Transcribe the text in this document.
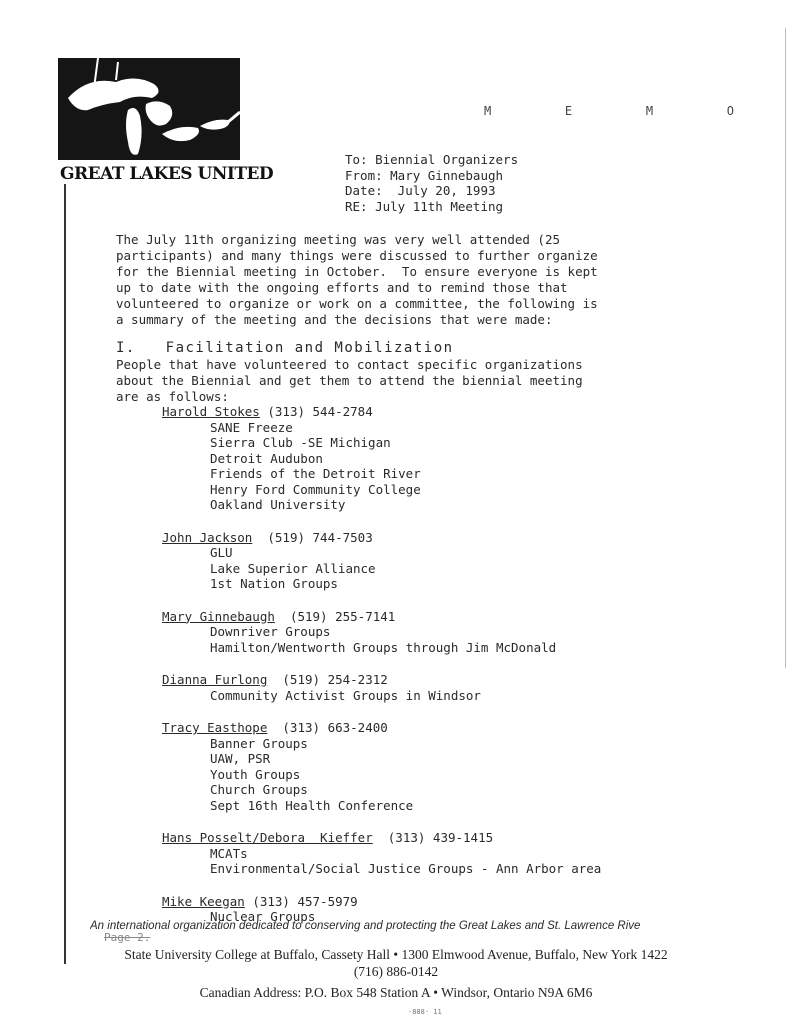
GREAT LAKES UNITED
M	E	M	O
To: Biennial Organizers
From: Mary Ginnebaugh
Date:  July 20, 1993
RE: July 11th Meeting
The July 11th organizing meeting was very well attended (25
participants) and many things were discussed to further organize
for the Biennial meeting in October.  To ensure everyone is kept
up to date with the ongoing efforts and to remind those that
volunteered to organize or work on a committee, the following is
a summary of the meeting and the decisions that were made:
I.   Facilitation and Mobilization
People that have volunteered to contact specific organizations
about the Biennial and get them to attend the biennial meeting
are as follows:
Harold Stokes (313) 544-2784
SANE Freeze
Sierra Club -SE Michigan
Detroit Audubon
Friends of the Detroit River
Henry Ford Community College
Oakland University
John Jackson  (519) 744-7503
GLU
Lake Superior Alliance
1st Nation Groups
Mary Ginnebaugh  (519) 255-7141
Downriver Groups
Hamilton/Wentworth Groups through Jim McDonald
Dianna Furlong  (519) 254-2312
Community Activist Groups in Windsor
Tracy Easthope  (313) 663-2400
Banner Groups
UAW, PSR
Youth Groups
Church Groups
Sept 16th Health Conference
Hans Posselt/Debora  Kieffer  (313) 439-1415
MCATs
Environmental/Social Justice Groups - Ann Arbor area
Mike Keegan (313) 457-5979
Nuclear Groups
An international organization dedicated to conserving and protecting the Great Lakes and St. Lawrence Rive
Page 2.
State University College at Buffalo, Cassety Hall • 1300 Elmwood Avenue, Buffalo, New York 1422
(716) 886-0142
Canadian Address: P.O. Box 548 Station A • Windsor, Ontario N9A 6M6
·888· 11
